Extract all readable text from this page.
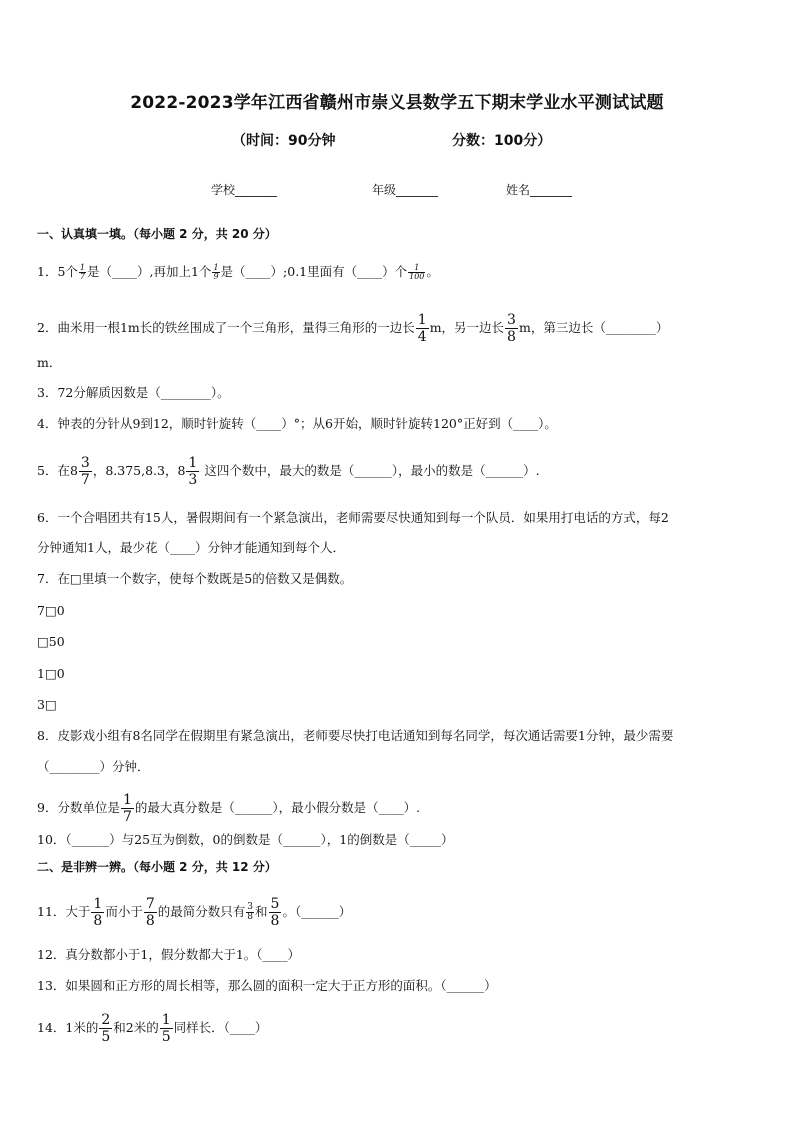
2022-2023学年江西省赣州市崇义县数学五下期末学业水平测试试题
（时间：90分钟	分数：100分）
学校_______	年级_______	姓名_______
一、认真填一填。（每小题 2 分，共 20 分）
1．5个 $\frac{1}{7}$ 是（____）,再加上1个 $\frac{1}{9}$ 是（____）;0.1里面有（____）个 $\frac{1}{100}$ 。
2．曲米用一根1m长的铁丝围成了一个三角形，量得三角形的一边长 $\frac{1}{4}$ m，另一边长 $\frac{3}{8}$ m，第三边长（________）
m．
3．72分解质因数是（________）。
4．钟表的分针从9到12，顺时针旋转（____）°；从6开始，顺时针旋转120°正好到（____）。
5．在$8 \frac{3}{7}$ ，8.375,8.3，$8 \frac{1}{3}$ 这四个数中，最大的数是（______），最小的数是（______）.
6．一个合唱团共有15人，暑假期间有一个紧急演出，老师需要尽快通知到每一个队员．如果用打电话的方式，每2
分钟通知1人，最少花（____）分钟才能通知到每个人．
7．在□里填一个数字，使每个数既是5的倍数又是偶数。
7□0
□50
1□0
3□
8．皮影戏小组有8名同学在假期里有紧急演出，老师要尽快打电话通知到每名同学，每次通话需要1分钟，最少需要
（________）分钟．
9．分数单位是 $\frac{1}{7}$ 的最大真分数是（______），最小假分数是（____）.
10．（______）与25互为倒数，0的倒数是（______），1的倒数是（_____）
二、是非辨一辨。（每小题 2 分，共 12 分）
11．大于 $\frac{1}{8}$ 而小于 $\frac{7}{8}$ 的最简分数只有 $\frac{3}{8}$ 和 $\frac{5}{8}$ 。（______）
12．真分数都小于1，假分数都大于1。（____）
13．如果圆和正方形的周长相等，那么圆的面积一定大于正方形的面积。（______）
14．1米的 $\frac{2}{5}$ 和2米的 $\frac{1}{5}$ 同样长．（____）
